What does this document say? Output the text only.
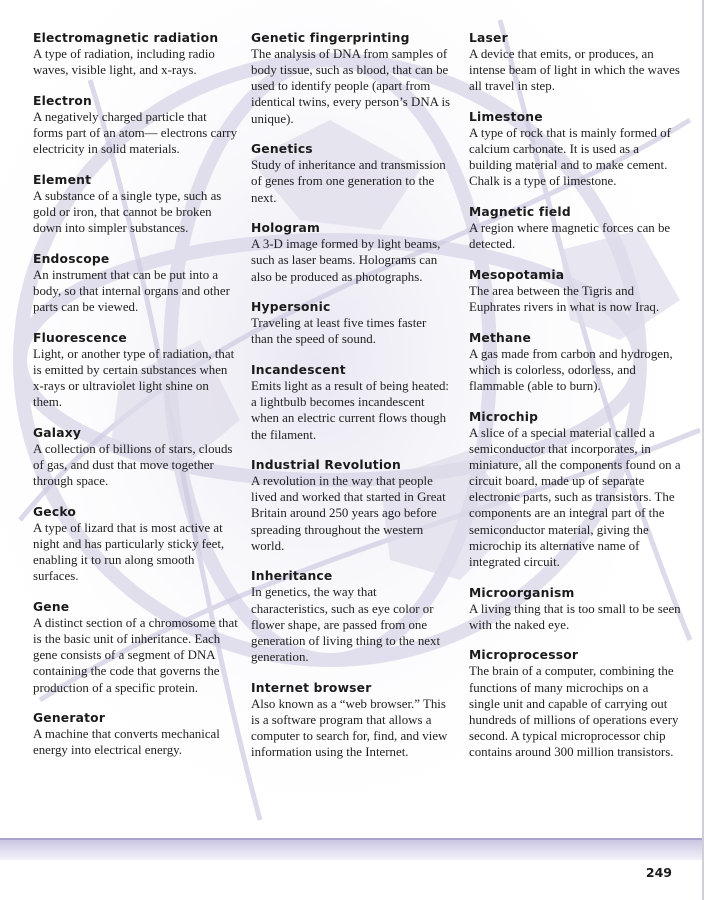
Electromagnetic radiation
A type of radiation, including radio waves, visible light, and x-rays.
Electron
A negatively charged particle that forms part of an atom— electrons carry electricity in solid materials.
Element
A substance of a single type, such as gold or iron, that cannot be broken down into simpler substances.
Endoscope
An instrument that can be put into a body, so that internal organs and other parts can be viewed.
Fluorescence
Light, or another type of radiation, that is emitted by certain substances when x-rays or ultraviolet light shine on them.
Galaxy
A collection of billions of stars, clouds of gas, and dust that move together through space.
Gecko
A type of lizard that is most active at night and has particularly sticky feet, enabling it to run along smooth surfaces.
Gene
A distinct section of a chromosome that is the basic unit of inheritance. Each gene consists of a segment of DNA containing the code that governs the production of a specific protein.
Generator
A machine that converts mechanical energy into electrical energy.
Genetic fingerprinting
The analysis of DNA from samples of body tissue, such as blood, that can be used to identify people (apart from identical twins, every person’s DNA is unique).
Genetics
Study of inheritance and transmission of genes from one generation to the next.
Hologram
A 3-D image formed by light beams, such as laser beams. Holograms can also be produced as photographs.
Hypersonic
Traveling at least five times faster than the speed of sound.
Incandescent
Emits light as a result of being heated: a lightbulb becomes incandescent when an electric current flows though the filament.
Industrial Revolution
A revolution in the way that people lived and worked that started in Great Britain around 250 years ago before spreading throughout the western world.
Inheritance
In genetics, the way that characteristics, such as eye color or flower shape, are passed from one generation of living thing to the next generation.
Internet browser
Also known as a “web browser.” This is a software program that allows a computer to search for, find, and view information using the Internet.
Laser
A device that emits, or produces, an intense beam of light in which the waves all travel in step.
Limestone
A type of rock that is mainly formed of calcium carbonate. It is used as a building material and to make cement. Chalk is a type of limestone.
Magnetic field
A region where magnetic forces can be detected.
Mesopotamia
The area between the Tigris and Euphrates rivers in what is now Iraq.
Methane
A gas made from carbon and hydrogen, which is colorless, odorless, and flammable (able to burn).
Microchip
A slice of a special material called a semiconductor that incorporates, in miniature, all the components found on a circuit board, made up of separate electronic parts, such as transistors. The components are an integral part of the semiconductor material, giving the microchip its alternative name of integrated circuit.
Microorganism
A living thing that is too small to be seen with the naked eye.
Microprocessor
The brain of a computer, combining the functions of many microchips on a single unit and capable of carrying out hundreds of millions of operations every second. A typical microprocessor chip contains around 300 million transistors.
249
